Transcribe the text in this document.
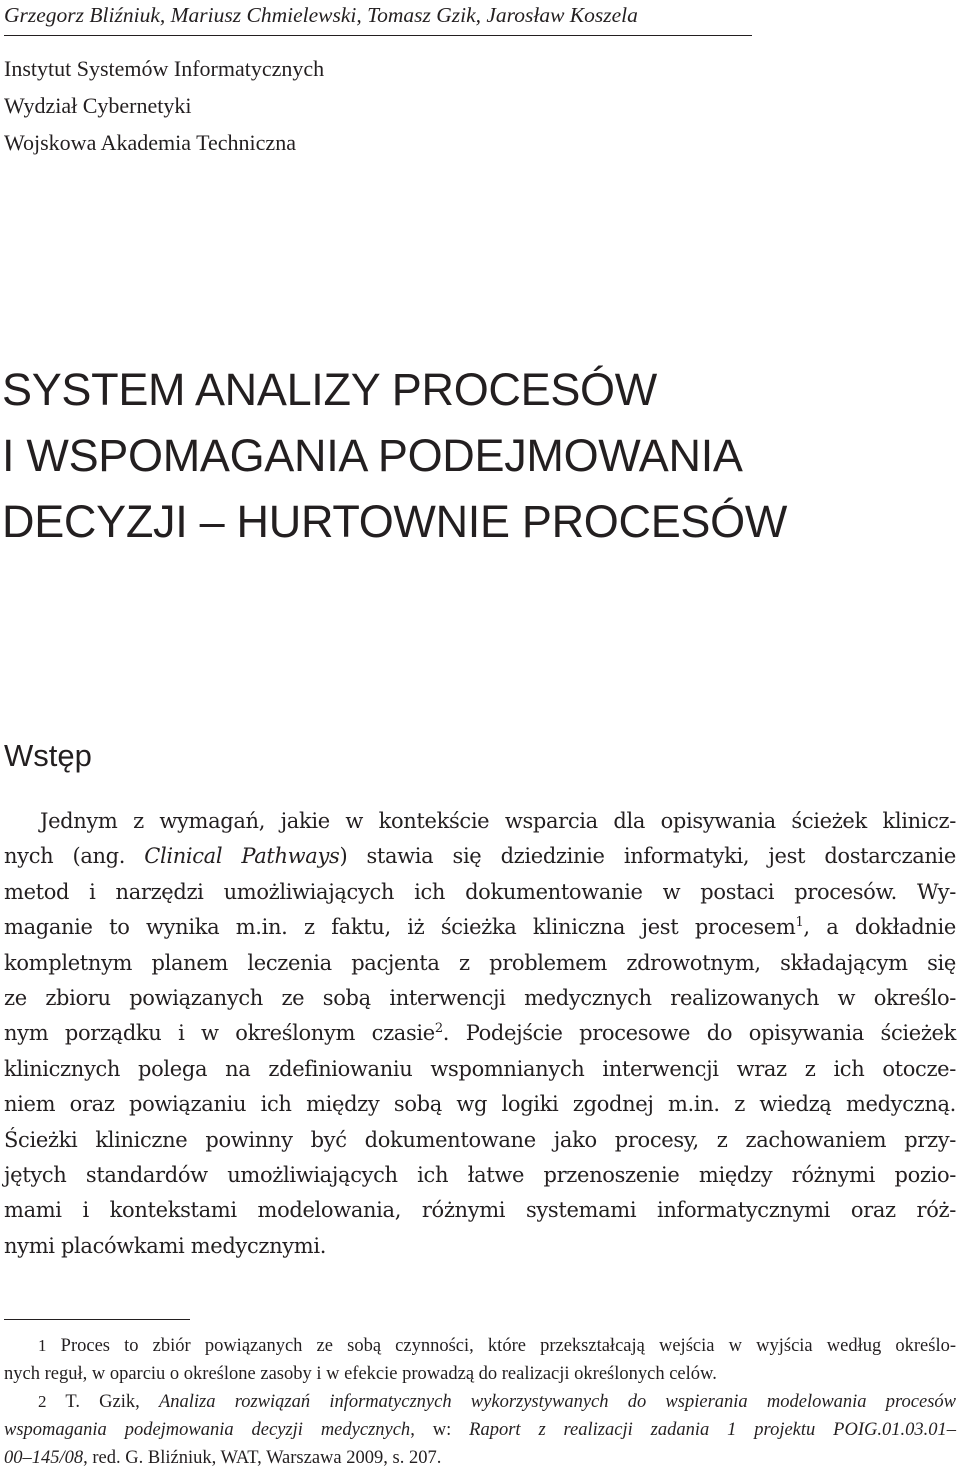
Grzegorz Bliźniuk, Mariusz Chmielewski, Tomasz Gzik, Jarosław Koszela
Instytut Systemów Informatycznych
Wydział Cybernetyki
Wojskowa Akademia Techniczna
SYSTEM ANALIZY PROCESÓW
I WSPOMAGANIA PODEJMOWANIA
DECYZJI – HURTOWNIE PROCESÓW
Wstęp
Jednym z wymagań, jakie w kontekście wsparcia dla opisywania ścieżek klinicz-
nych (ang. Clinical Pathways) stawia się dziedzinie informatyki, jest dostarczanie
metod i narzędzi umożliwiających ich dokumentowanie w postaci procesów. Wy-
maganie to wynika m.in. z faktu, iż ścieżka kliniczna jest procesem$^1$, a dokładnie
kompletnym planem leczenia pacjenta z problemem zdrowotnym, składającym się
ze zbioru powiązanych ze sobą interwencji medycznych realizowanych w określo-
nym porządku i w określonym czasie$^2$. Podejście procesowe do opisywania ścieżek
klinicznych polega na zdefiniowaniu wspomnianych interwencji wraz z ich otocze-
niem oraz powiązaniu ich między sobą wg logiki zgodnej m.in. z wiedzą medyczną.
Ścieżki kliniczne powinny być dokumentowane jako procesy, z zachowaniem przy-
jętych standardów umożliwiających ich łatwe przenoszenie między różnymi pozio-
mami i kontekstami modelowania, różnymi systemami informatycznymi oraz róż-
nymi placówkami medycznymi.
1 Proces to zbiór powiązanych ze sobą czynności, które przekształcają wejścia w wyjścia według określo-
nych reguł, w oparciu o określone zasoby i w efekcie prowadzą do realizacji określonych celów.
2 T. Gzik, Analiza rozwiązań informatycznych wykorzystywanych do wspierania modelowania procesów
wspomagania podejmowania decyzji medycznych, w: Raport z realizacji zadania 1 projektu POIG.01.03.01–
00–145/08, red. G. Bliźniuk, WAT, Warszawa 2009, s. 207.
